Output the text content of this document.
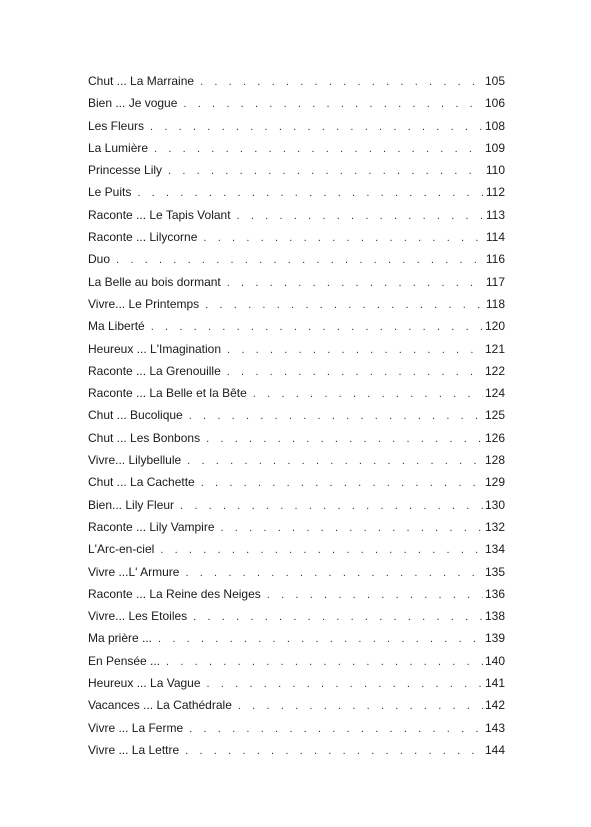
Chut ... La Marraine . . .	105
Bien ... Je vogue . . .	106
Les Fleurs . . .	108
La Lumière . . .	109
Princesse Lily . . .	110
Le Puits . . .	112
Raconte ... Le Tapis Volant . . .	113
Raconte ... Lilycorne . . .	114
Duo . . .	116
La Belle au bois dormant . . .	117
Vivre... Le Printemps . . .	118
Ma Liberté . . .	120
Heureux ... L'Imagination . . .	121
Raconte ... La Grenouille . . .	122
Raconte ... La Belle et la Bête . . .	124
Chut ... Bucolique . . .	125
Chut ... Les Bonbons . . .	126
Vivre... Lilybellule . . .	128
Chut ... La Cachette . . .	129
Bien... Lily Fleur . . .	130
Raconte ... Lily Vampire . . .	132
L'Arc-en-ciel . . .	134
Vivre ...L' Armure . . .	135
Raconte ... La Reine des Neiges . . .	136
Vivre... Les Etoiles . . .	138
Ma prière ... . . .	139
En Pensée ... . . .	140
Heureux ... La Vague . . .	141
Vacances ... La Cathédrale . . .	142
Vivre ... La Ferme . . .	143
Vivre ... La Lettre . . .	144
